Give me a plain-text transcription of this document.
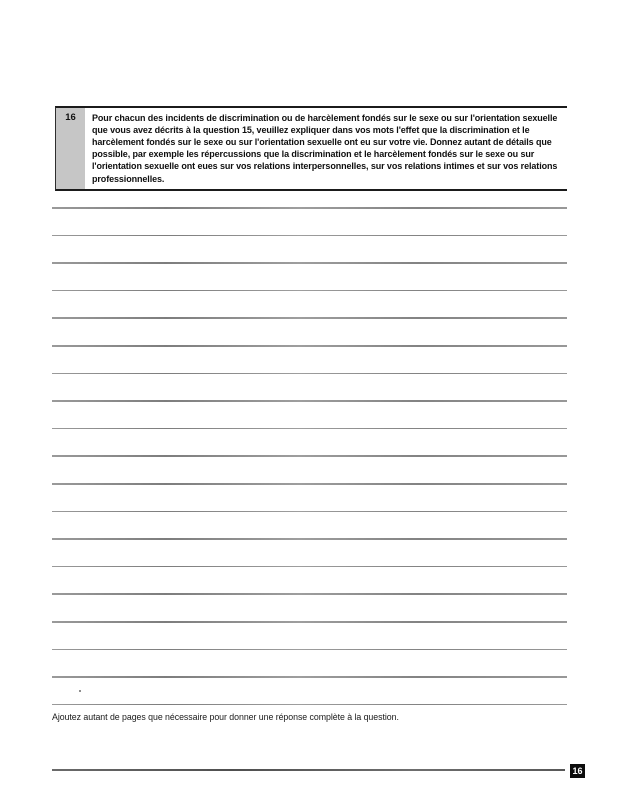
16	Pour chacun des incidents de discrimination ou de harcèlement fondés sur le sexe ou sur l'orientation sexuelle que vous avez décrits à la question 15, veuillez expliquer dans vos mots l'effet que la discrimination et le harcèlement fondés sur le sexe ou sur l'orientation sexuelle ont eu sur votre vie. Donnez autant de détails que possible, par exemple les répercussions que la discrimination et le harcèlement fondés sur le sexe ou sur l'orientation sexuelle ont eues sur vos relations interpersonnelles, sur vos relations intimes et sur vos relations professionnelles.
Ajoutez autant de pages que nécessaire pour donner une réponse complète à la question.
16
